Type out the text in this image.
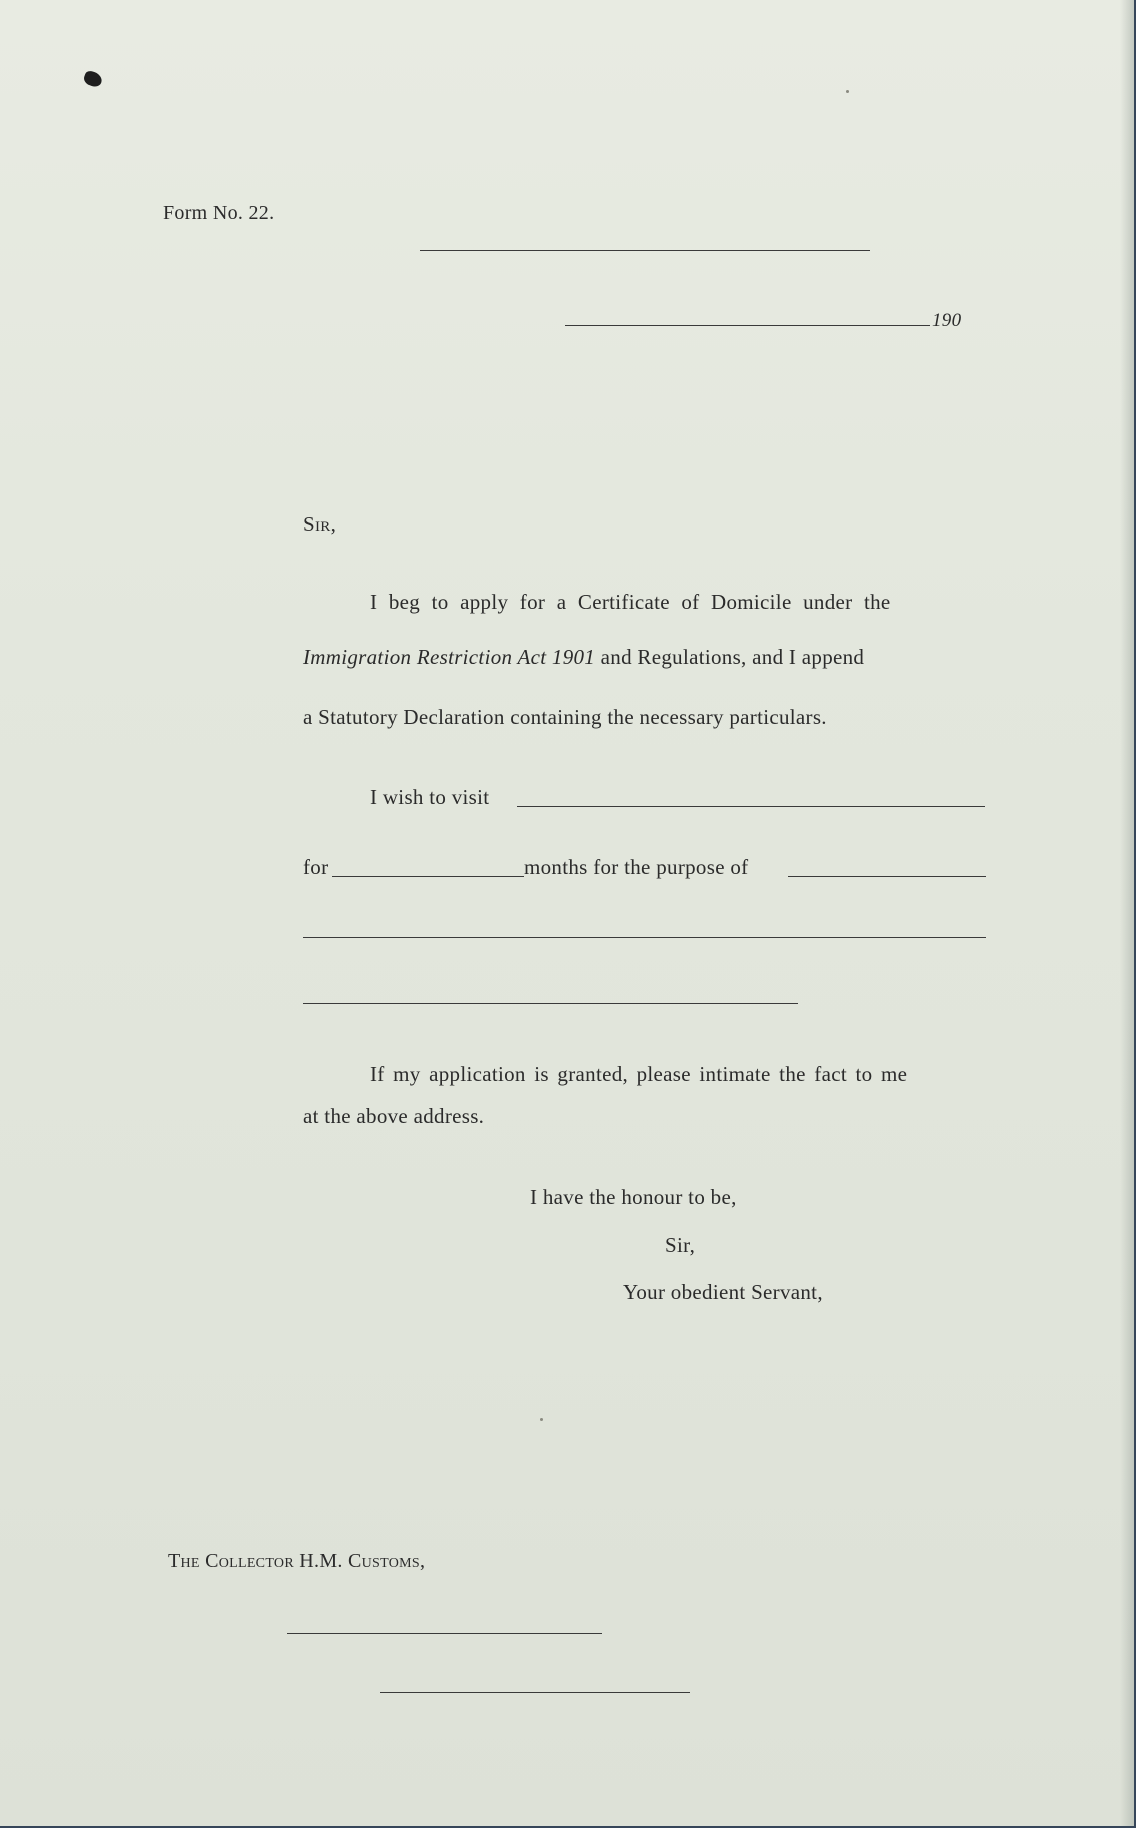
Form No. 22.
190
Sir,
I beg to apply for a Certificate of Domicile under the
Immigration Restriction Act 1901 and Regulations, and I append
a Statutory Declaration containing the necessary particulars.
I wish to visit
for	months for the purpose of
If my application is granted, please intimate the fact to me
at the above address.
I have the honour to be,
Sir,
Your obedient Servant,
The Collector H.M. Customs,
